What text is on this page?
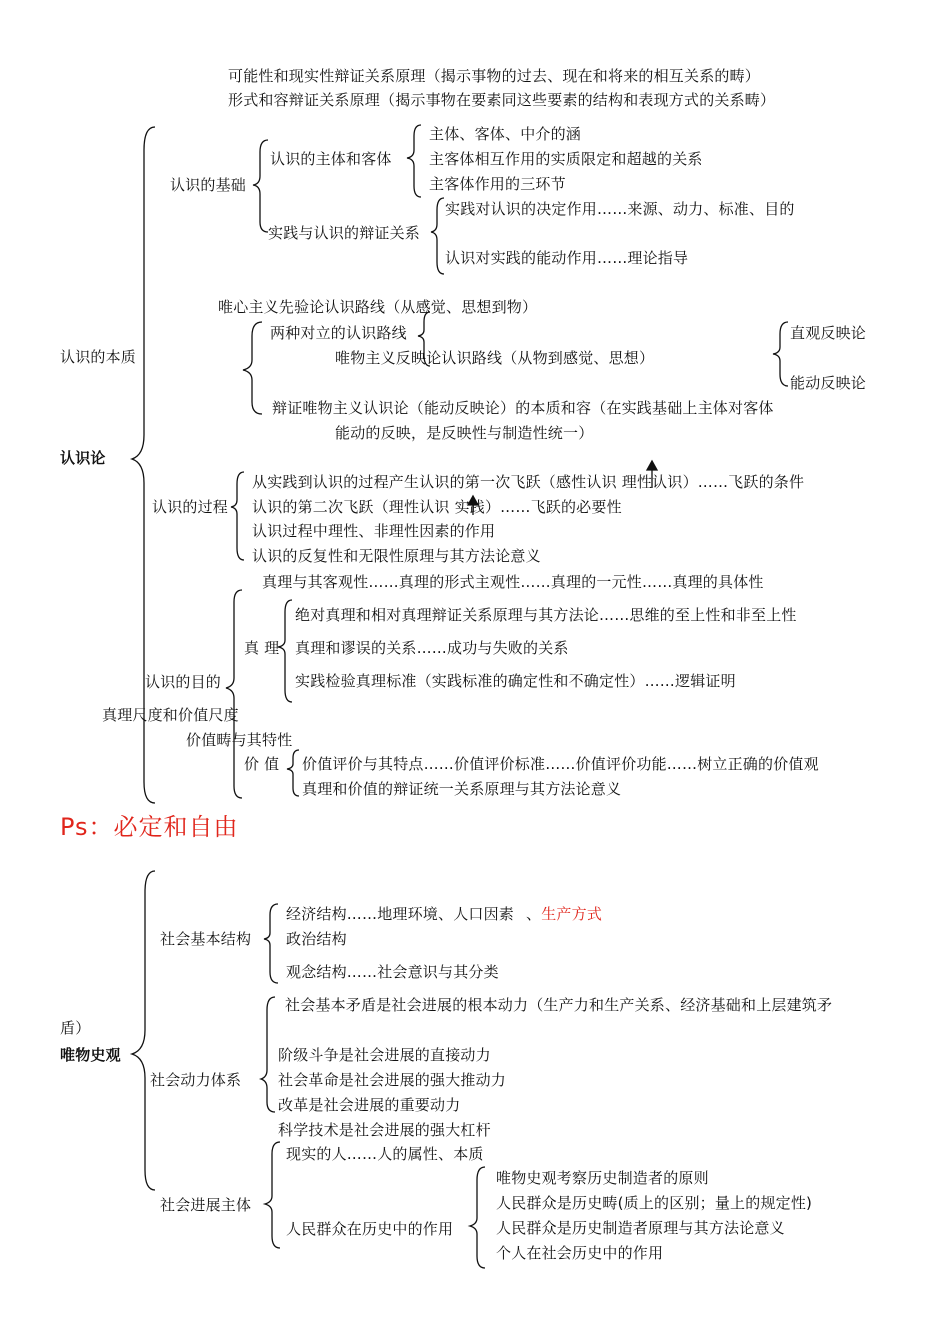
可能性和现实性辩证关系原理（揭示事物的过去、现在和将来的相互关系的畴）
形式和容辩证关系原理（揭示事物在要素同这些要素的结构和表现方式的关系畴）
认识论
认识的本质
认识的基础
认识的主体和客体
主体、客体、中介的涵
主客体相互作用的实质限定和超越的关系
主客体作用的三环节
实践与认识的辩证关系
实践对认识的决定作用……来源、动力、标准、目的
认识对实践的能动作用……理论指导
唯心主义先验论认识路线（从感觉、思想到物）
两种对立的认识路线
唯物主义反映论认识路线（从物到感觉、思想）
直观反映论
能动反映论
辩证唯物主义认识论（能动反映论）的本质和容（在实践基础上主体对客体
能动的反映，是反映性与制造性统一）
认识的过程
从实践到认识的过程产生认识的第一次飞跃（感性认识 理性认识）……飞跃的条件
认识的第二次飞跃（理性认识 实践）……飞跃的必要性
认识过程中理性、非理性因素的作用
认识的反复性和无限性原理与其方法论意义
认识的目的
真理尺度和价值尺度
真理与其客观性……真理的形式主观性……真理的一元性……真理的具体性
真 理
绝对真理和相对真理辩证关系原理与其方法论……思维的至上性和非至上性
真理和谬误的关系……成功与失败的关系
实践检验真理标准（实践标准的确定性和不确定性）……逻辑证明
价值畴与其特性
价 值 价值评价与其特点……价值评价标准……价值评价功能……树立正确的价值观
真理和价值的辩证统一关系原理与其方法论意义
Ps：必定和自由
盾）
唯物史观
社会基本结构
经济结构……地理环境、人口因素 、生产方式
政治结构
观念结构……社会意识与其分类
社会动力体系
社会基本矛盾是社会进展的根本动力（生产力和生产关系、经济基础和上层建筑矛
阶级斗争是社会进展的直接动力
社会革命是社会进展的强大推动力
改革是社会进展的重要动力
科学技术是社会进展的强大杠杆
社会进展主体
现实的人……人的属性、本质
人民群众在历史中的作用
唯物史观考察历史制造者的原则
人民群众是历史畴(质上的区别；量上的规定性)
人民群众是历史制造者原理与其方法论意义
个人在社会历史中的作用
